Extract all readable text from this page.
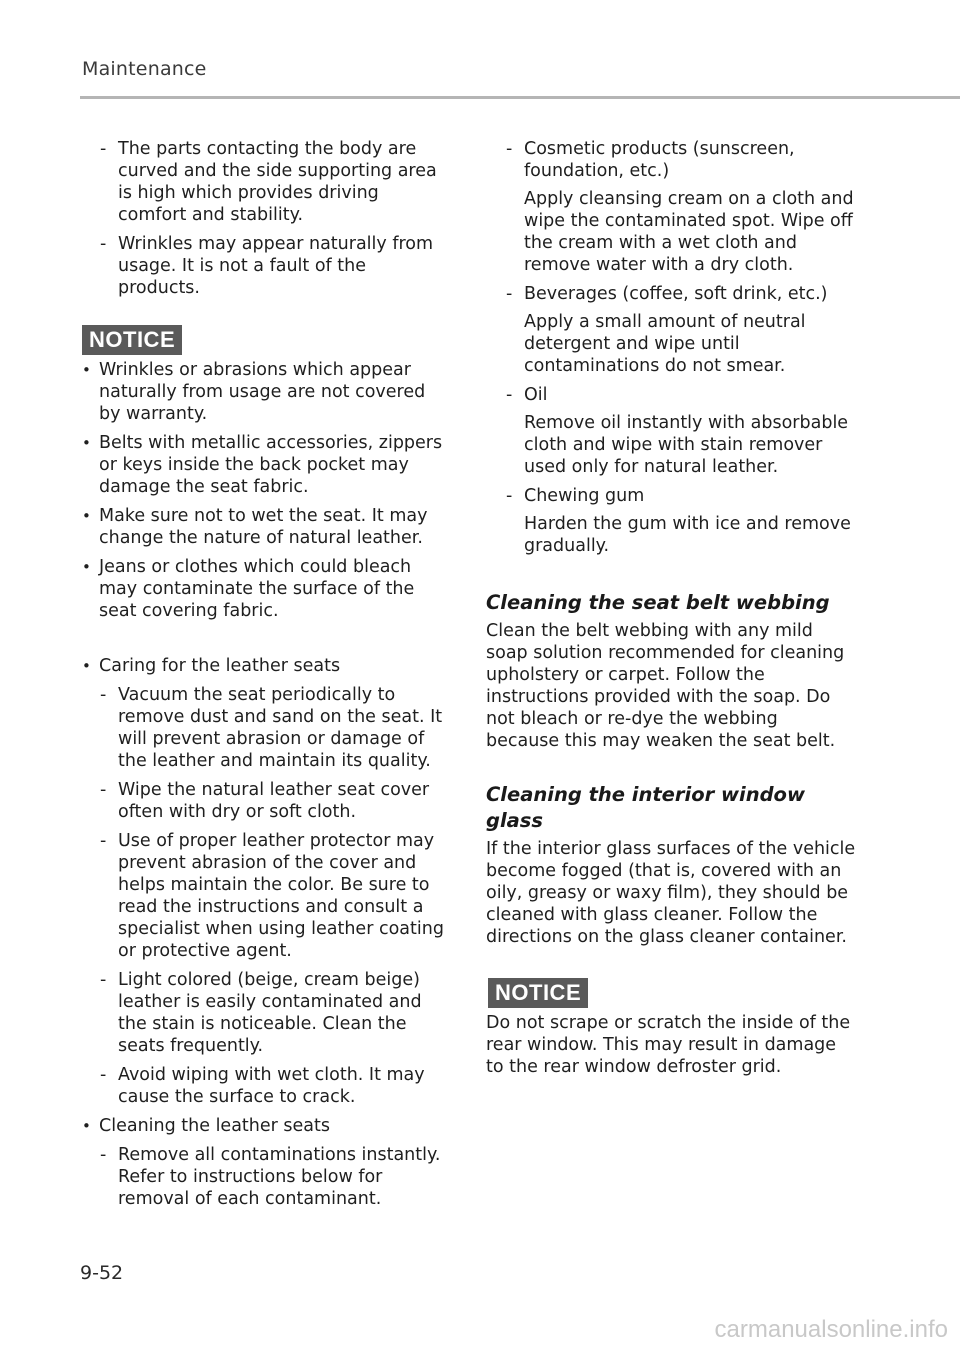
Maintenance
- The parts contacting the body are curved and the side supporting area is high which provides driving comfort and stability.
- Wrinkles may appear naturally from usage. It is not a fault of the products.
NOTICE
• Wrinkles or abrasions which appear naturally from usage are not covered by warranty.
• Belts with metallic accessories, zippers or keys inside the back pocket may damage the seat fabric.
• Make sure not to wet the seat. It may change the nature of natural leather.
• Jeans or clothes which could bleach may contaminate the surface of the seat covering fabric.
• Caring for the leather seats
- Vacuum the seat periodically to remove dust and sand on the seat. It will prevent abrasion or damage of the leather and maintain its quality.
- Wipe the natural leather seat cover often with dry or soft cloth.
- Use of proper leather protector may prevent abrasion of the cover and helps maintain the color. Be sure to read the instructions and consult a specialist when using leather coating or protective agent.
- Light colored (beige, cream beige) leather is easily contaminated and the stain is noticeable. Clean the seats frequently.
- Avoid wiping with wet cloth. It may cause the surface to crack.
• Cleaning the leather seats
- Remove all contaminations instantly. Refer to instructions below for removal of each contaminant.
- Cosmetic products (sunscreen, foundation, etc.)
Apply cleansing cream on a cloth and wipe the contaminated spot. Wipe off the cream with a wet cloth and remove water with a dry cloth.
- Beverages (coffee, soft drink, etc.)
Apply a small amount of neutral detergent and wipe until contaminations do not smear.
- Oil
Remove oil instantly with absorbable cloth and wipe with stain remover used only for natural leather.
- Chewing gum
Harden the gum with ice and remove gradually.
Cleaning the seat belt webbing

Clean the belt webbing with any mild soap solution recommended for cleaning upholstery or carpet. Follow the instructions provided with the soap. Do not bleach or re-dye the webbing because this may weaken the seat belt.

Cleaning the interior window glass

If the interior glass surfaces of the vehicle become fogged (that is, covered with an oily, greasy or waxy film), they should be cleaned with glass cleaner. Follow the directions on the glass cleaner container.

NOTICE

Do not scrape or scratch the inside of the rear window. This may result in damage to the rear window defroster grid.

9-52
carmanualsonline.info
